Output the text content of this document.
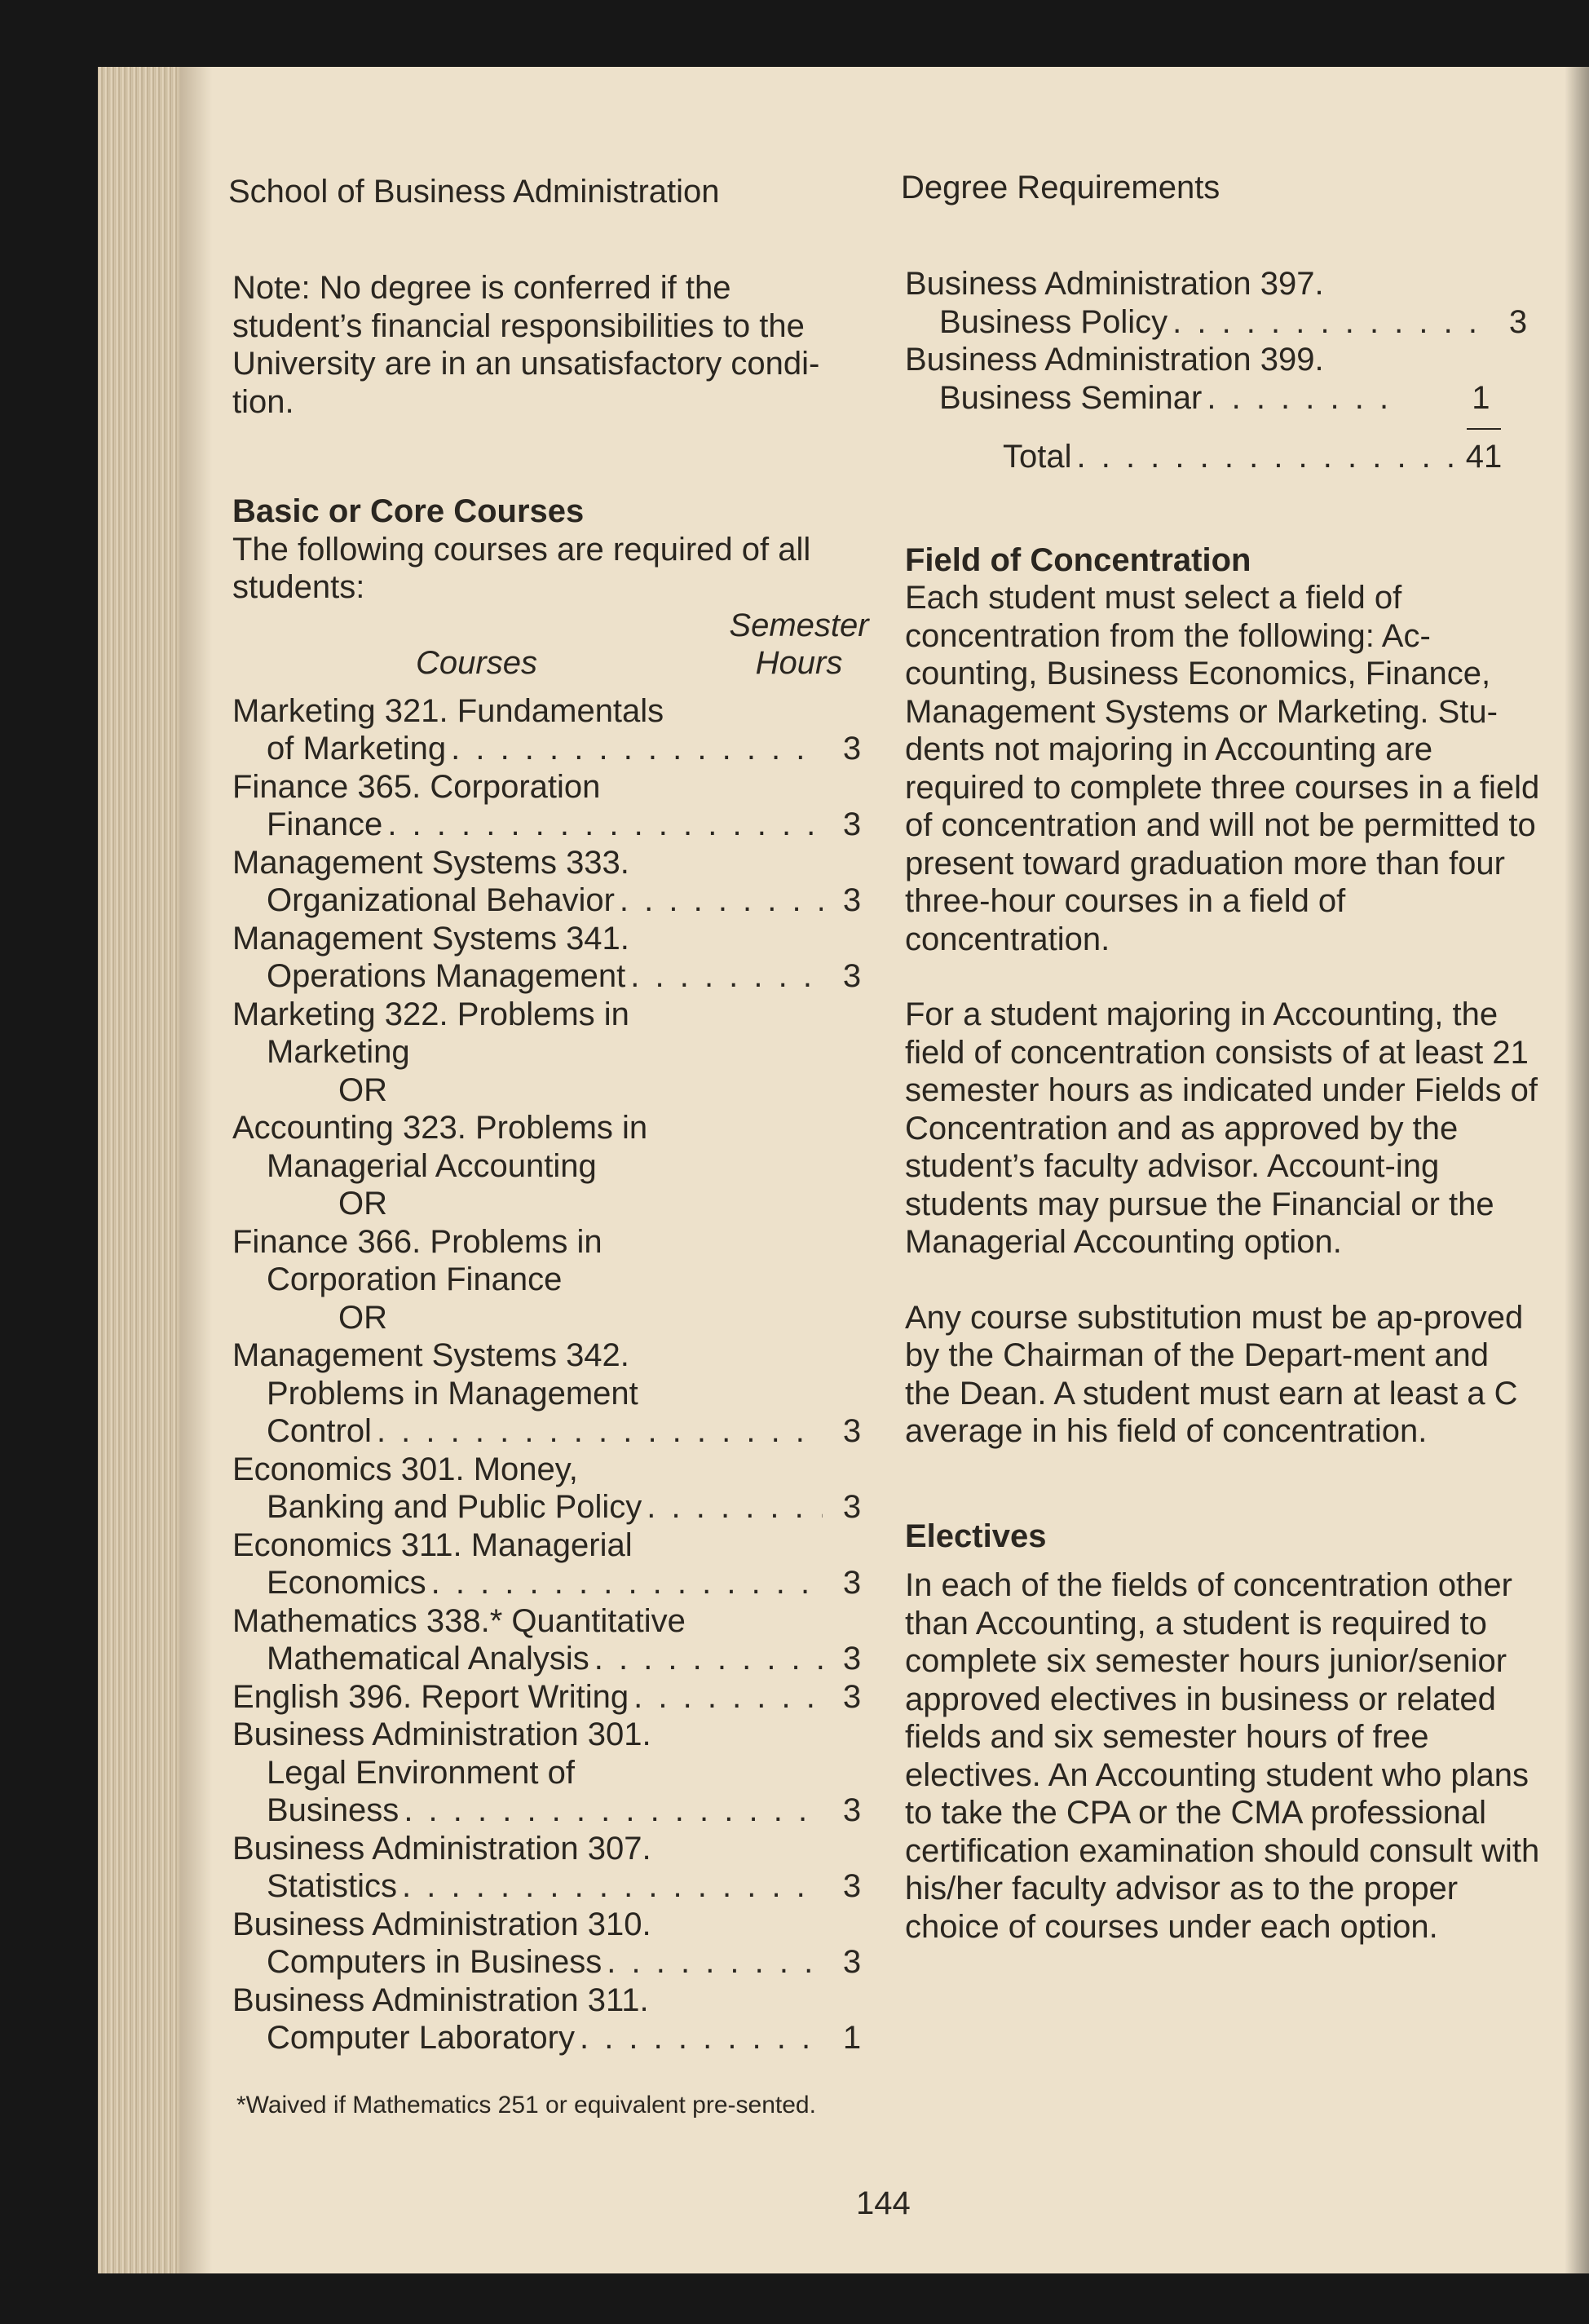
School of Business Administration	Degree Requirements

Note: No degree is conferred if the student’s financial responsibilities to the University are in an unsatisfactory condi-tion.

Basic or Core Courses

The following courses are required of all students:

Courses
Semester
Hours
Marketing 321. Fundamentals
of Marketing . . .	3
Finance 365. Corporation
Finance . . .	3
Management Systems 333.
Organizational Behavior . . .	3
Management Systems 341.
Operations Management . . .	3
Marketing 322. Problems in
Marketing
OR
Accounting 323. Problems in
Managerial Accounting
OR
Finance 366. Problems in
Corporation Finance
OR
Management Systems 342.
Problems in Management
Control . . .	3
Economics 301. Money,
Banking and Public Policy . . .	3
Economics 311. Managerial
Economics . . .	3
Mathematics 338.* Quantitative
Mathematical Analysis . . .	3
English 396. Report Writing . . .	3
Business Administration 301.
Legal Environment of
Business . . .	3
Business Administration 307.
Statistics . . .	3
Business Administration 310.
Computers in Business . . .	3
Business Administration 311.
Computer Laboratory . . .	1
*Waived if Mathematics 251 or equivalent pre-sented.
Business Administration 397.
Business Policy . . .	3
Business Administration 399.
Business Seminar . . .	1
Total . . .	41

Field of Concentration

Each student must select a field of concentration from the following: Ac-counting, Business Economics, Finance, Management Systems or Marketing. Stu-dents not majoring in Accounting are required to complete three courses in a field of concentration and will not be permitted to present toward graduation more than four three-hour courses in a field of concentration.

For a student majoring in Accounting, the field of concentration consists of at least 21 semester hours as indicated under Fields of Concentration and as approved by the student’s faculty advisor. Account-ing students may pursue the Financial or the Managerial Accounting option.

Any course substitution must be ap-proved by the Chairman of the Depart-ment and the Dean. A student must earn at least a C average in his field of concentration.

Electives

In each of the fields of concentration other than Accounting, a student is required to complete six semester hours junior/senior approved electives in business or related fields and six semester hours of free electives. An Accounting student who plans to take the CPA or the CMA professional certification examination should consult with his/her faculty advisor as to the proper choice of courses under each option.

144
